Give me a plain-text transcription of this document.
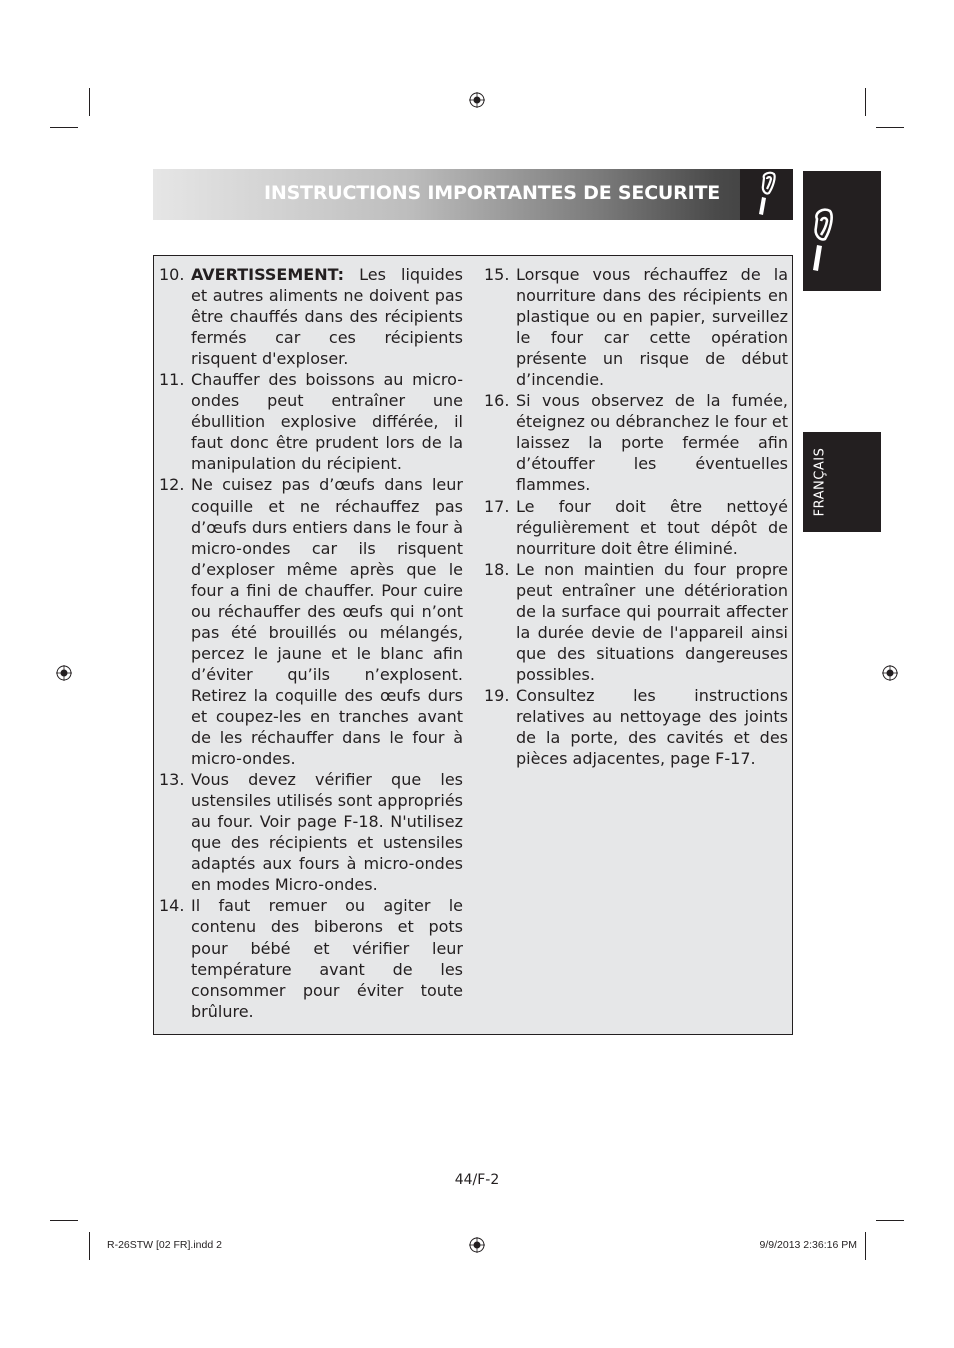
INSTRUCTIONS IMPORTANTES DE SECURITE
FRANÇAIS
10. AVERTISSEMENT: Les liquides et autres aliments ne doivent pas être chauffés dans des récipients fermés car ces récipients risquent d'exploser.
11. Chauffer des boissons au micro-ondes peut entraîner une ébullition explosive différée, il faut donc être prudent lors de la manipulation du récipient.
12. Ne cuisez pas d’œufs dans leur coquille et ne réchauffez pas d’œufs durs entiers dans le four à micro-ondes car ils risquent d’exploser même après que le four a fini de chauffer. Pour cuire ou réchauffer des œufs qui n’ont pas été brouillés ou mélangés, percez le jaune et le blanc afin d’éviter qu’ils n’explosent. Retirez la coquille des œufs durs et coupez-les en tranches avant de les réchauffer dans le four à micro-ondes.
13. Vous devez vérifier que les ustensiles utilisés sont appropriés au four. Voir page F-18. N'utilisez que des récipients et ustensiles adaptés aux fours à micro-ondes en modes Micro-ondes.
14. Il faut remuer ou agiter le contenu des biberons et pots pour bébé et vérifier leur température avant de les consommer pour éviter toute brûlure.
15. Lorsque vous réchauffez de la nourriture dans des récipients en plastique ou en papier, surveillez le four car cette opération présente un risque de début d’incendie.
16. Si vous observez de la fumée, éteignez ou débranchez le four et laissez la porte fermée afin d’étouffer les éventuelles flammes.
17. Le four doit être nettoyé régulièrement et tout dépôt de nourriture doit être éliminé.
18. Le non maintien du four propre peut entraîner une détérioration de la surface qui pourrait affecter la durée devie de l'appareil ainsi que des situations dangereuses possibles.
19. Consultez les instructions relatives au nettoyage des joints de la porte, des cavités et des pièces adjacentes, page F-17.
44/F-2
R-26STW [02 FR].indd 2	9/9/2013 2:36:16 PM
